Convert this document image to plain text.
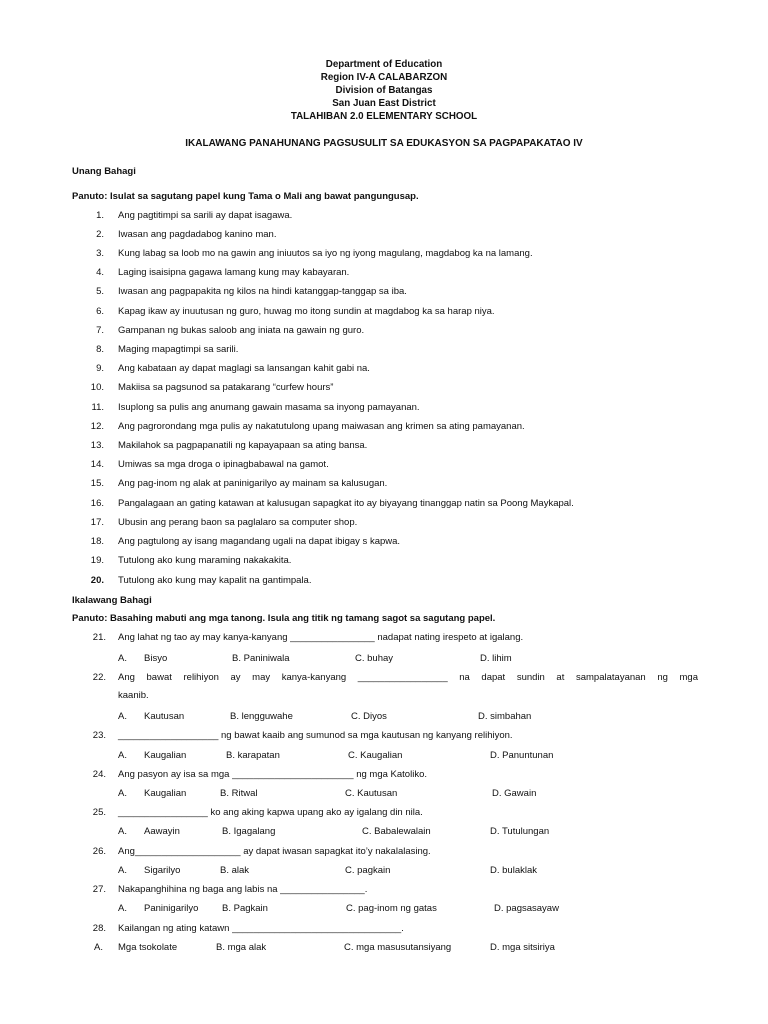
Department of Education
Region IV-A CALABARZON
Division of Batangas
San Juan East District
TALAHIBAN 2.0 ELEMENTARY SCHOOL
IKALAWANG PANAHUNANG PAGSUSULIT SA EDUKASYON SA PAGPAPAKATAO IV
Unang Bahagi
Panuto: Isulat sa sagutang papel kung Tama o Mali ang bawat pangungusap.
1. Ang pagtitimpi sa sarili ay dapat isagawa.
2. Iwasan ang pagdadabog kanino man.
3. Kung labag sa loob mo na gawin ang iniuutos sa iyo ng iyong magulang, magdabog ka na lamang.
4. Laging isaisipna gagawa lamang kung may kabayaran.
5. Iwasan ang pagpapakita ng kilos na hindi katanggap-tanggap sa iba.
6. Kapag ikaw ay inuutusan ng guro, huwag mo itong sundin at magdabog ka sa harap niya.
7. Gampanan ng bukas saloob ang iniata na gawain ng guro.
8. Maging mapagtimpi sa sarili.
9. Ang kabataan ay dapat maglagi sa lansangan kahit gabi na.
10. Makiisa sa pagsunod sa patakarang “curfew hours”
11. Isuplong sa pulis ang anumang gawain masama sa inyong pamayanan.
12. Ang pagrorondang mga pulis ay nakatutulong upang maiwasan ang krimen sa ating pamayanan.
13. Makilahok sa pagpapanatili ng kapayapaan sa ating bansa.
14. Umiwas sa mga droga o ipinagbabawal na gamot.
15. Ang pag-inom ng alak at paninigarilyo ay mainam sa kalusugan.
16. Pangalagaan an gating katawan at kalusugan sapagkat ito ay biyayang tinanggap natin sa Poong Maykapal.
17. Ubusin ang perang baon sa paglalaro sa computer shop.
18. Ang pagtulong ay isang magandang ugali na dapat ibigay s kapwa.
19. Tutulong ako kung maraming nakakakita.
20. Tutulong ako kung may kapalit na gantimpala.
Ikalawang Bahagi
Panuto: Basahing mabuti ang mga tanong. Isula ang titik ng tamang sagot sa sagutang papel.
21. Ang lahat ng tao ay may kanya-kanyang ________________ nadapat nating irespeto at igalang.
A. Bisyo	B. Paniniwala	C. buhay	D. lihim
22. Ang bawat relihiyon ay may kanya-kanyang _________________ na dapat sundin at sampalatayanan ng mga
kaanib.
A. Kautusan	B. lengguwahe	C. Diyos	D. simbahan
23. ___________________ ng bawat kaaib ang sumunod sa mga kautusan ng kanyang relihiyon.
A. Kaugalian	B. karapatan	C. Kaugalian	D. Panuntunan
24. Ang pasyon ay isa sa mga _______________________ ng mga Katoliko.
A. Kaugalian	B. Ritwal	C. Kautusan	D. Gawain
25. _________________ ko ang aking kapwa upang ako ay igalang din nila.
A. Aawayin	B. Igagalang	C. Babalewalain	D. Tutulungan
26. Ang____________________ ay dapat iwasan sapagkat ito’y nakalalasing.
A. Sigarilyo	B. alak	C. pagkain	D. bulaklak
27. Nakapanghihina ng baga ang labis na ________________.
A. Paninigarilyo B. Pagkain	C. pag-inom ng gatas	D. pagsasayaw
28. Kailangan ng ating katawn ________________________________.
A. Mga tsokolate	B. mga alak	C. mga masusutansiyang	D. mga sitsiriya
